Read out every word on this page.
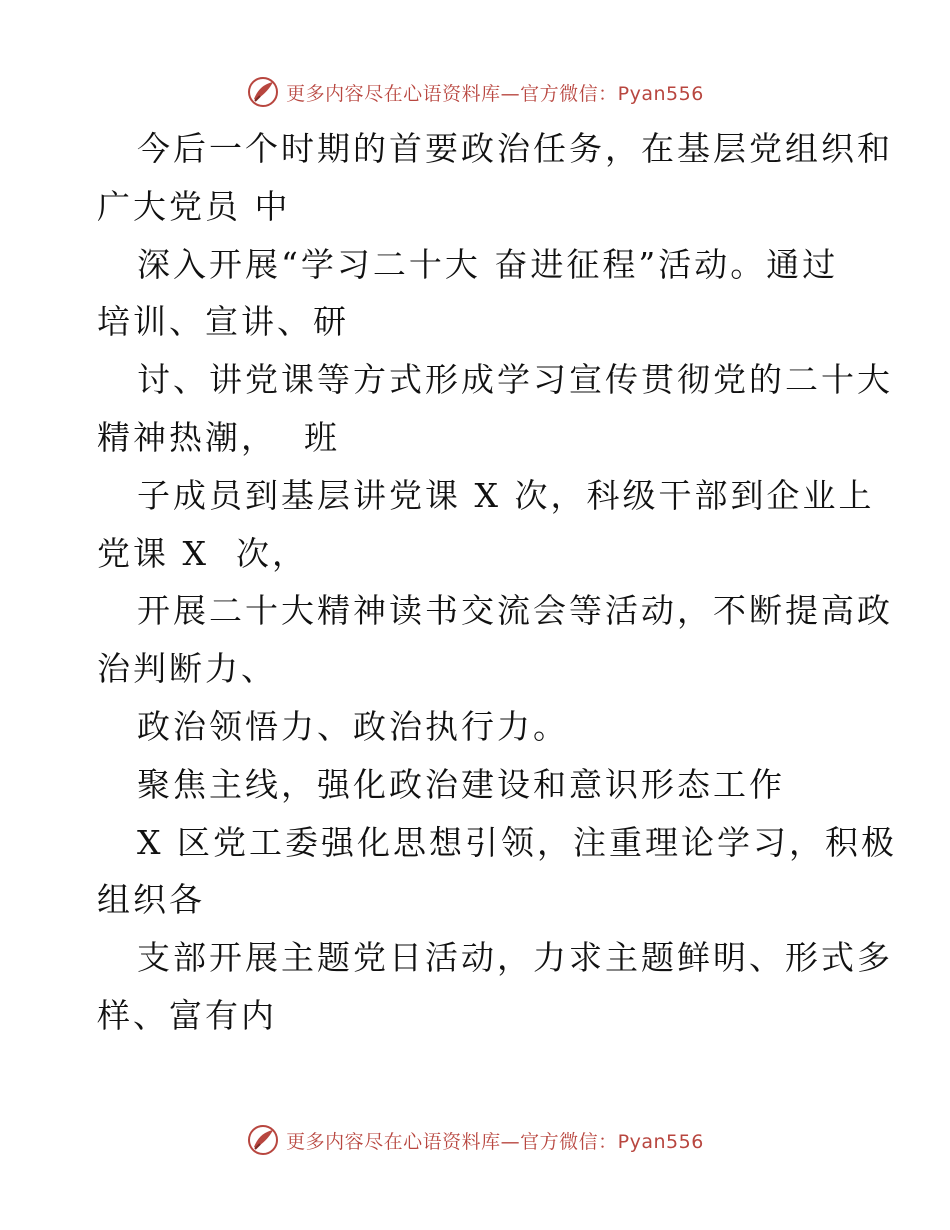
更多内容尽在心语资料库—官方微信：Pyan556
今后一个时期的首要政治任务，在基层党组织和
广大党员 中
深入开展“学习二十大 奋进征程”活动。通过
培训、宣讲、研
讨、讲党课等方式形成学习宣传贯彻党的二十大
精神热潮，  班
子成员到基层讲党课 X 次，科级干部到企业上
党课 X  次，
开展二十大精神读书交流会等活动，不断提高政
治判断力、
政治领悟力、政治执行力。
聚焦主线，强化政治建设和意识形态工作
X 区党工委强化思想引领，注重理论学习，积极
组织各
支部开展主题党日活动，力求主题鲜明、形式多
样、富有内
更多内容尽在心语资料库—官方微信：Pyan556
